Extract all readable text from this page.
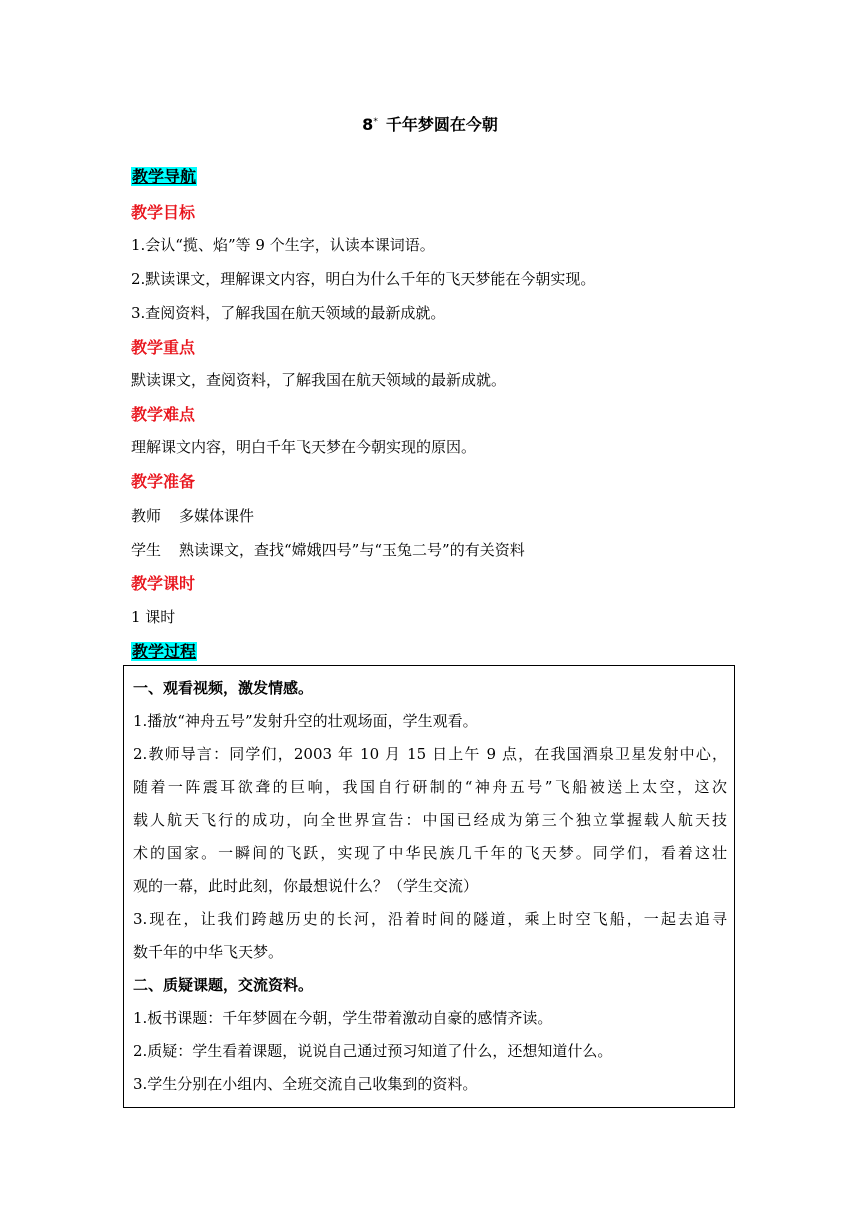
8* 千年梦圆在今朝
教学导航
教学目标
1.会认“揽、焰”等 9 个生字，认读本课词语。
2.默读课文，理解课文内容，明白为什么千年的飞天梦能在今朝实现。
3.查阅资料，了解我国在航天领域的最新成就。
教学重点
默读课文，查阅资料，了解我国在航天领域的最新成就。
教学难点
理解课文内容，明白千年飞天梦在今朝实现的原因。
教学准备
教师 多媒体课件
学生 熟读课文，查找“嫦娥四号”与“玉兔二号”的有关资料
教学课时
1 课时
教学过程
一、观看视频，激发情感。
1.播放“神舟五号”发射升空的壮观场面，学生观看。
2.教师导言：同学们，2003 年 10 月 15 日上午 9 点，在我国酒泉卫星发射中心，
随着一阵震耳欲聋的巨响，我国自行研制的“神舟五号”飞船被送上太空，这次
载人航天飞行的成功，向全世界宣告：中国已经成为第三个独立掌握载人航天技
术的国家。一瞬间的飞跃，实现了中华民族几千年的飞天梦。同学们，看着这壮
观的一幕，此时此刻，你最想说什么？（学生交流）
3.现在，让我们跨越历史的长河，沿着时间的隧道，乘上时空飞船，一起去追寻
数千年的中华飞天梦。
二、质疑课题，交流资料。
1.板书课题：千年梦圆在今朝，学生带着激动自豪的感情齐读。
2.质疑：学生看着课题，说说自己通过预习知道了什么，还想知道什么。
3.学生分别在小组内、全班交流自己收集到的资料。
